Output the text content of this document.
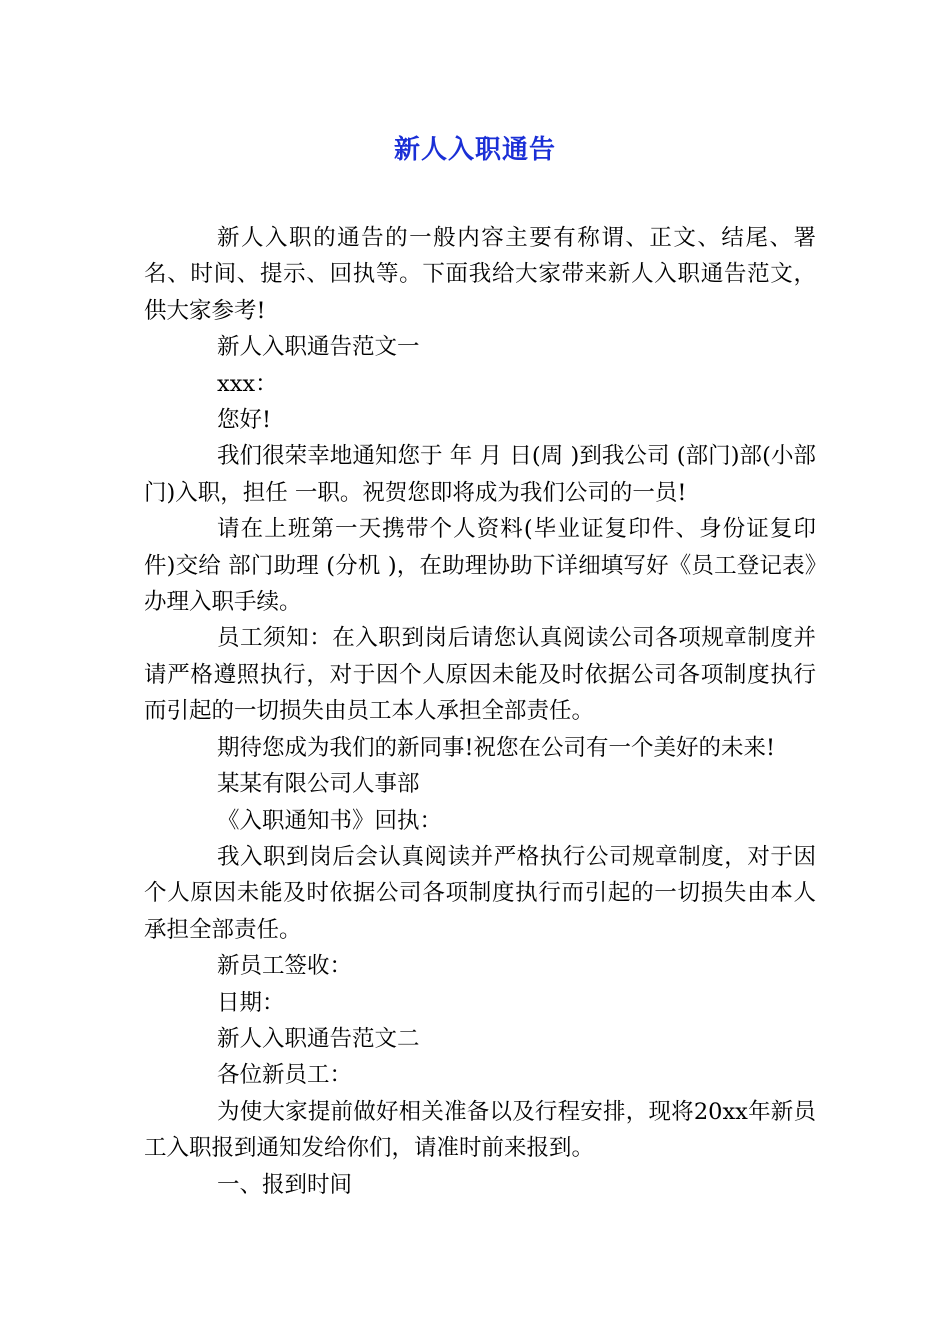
新人入职通告

新人入职的通告的一般内容主要有称谓、正文、结尾、署名、时间、提示、回执等。下面我给大家带来新人入职通告范文，供大家参考!

新人入职通告范文一

xxx：

您好!

我们很荣幸地通知您于 年 月 日(周 )到我公司 (部门)部(小部门)入职，担任 一职。祝贺您即将成为我们公司的一员!

请在上班第一天携带个人资料(毕业证复印件、身份证复印件)交给 部门助理 (分机 )，在助理协助下详细填写好《员工登记表》办理入职手续。

员工须知：在入职到岗后请您认真阅读公司各项规章制度并请严格遵照执行，对于因个人原因未能及时依据公司各项制度执行而引起的一切损失由员工本人承担全部责任。

期待您成为我们的新同事!祝您在公司有一个美好的未来!

某某有限公司人事部

《入职通知书》回执：

我入职到岗后会认真阅读并严格执行公司规章制度，对于因个人原因未能及时依据公司各项制度执行而引起的一切损失由本人承担全部责任。

新员工签收：

日期：

新人入职通告范文二

各位新员工：

为使大家提前做好相关准备以及行程安排，现将20xx年新员工入职报到通知发给你们，请准时前来报到。

一、报到时间
